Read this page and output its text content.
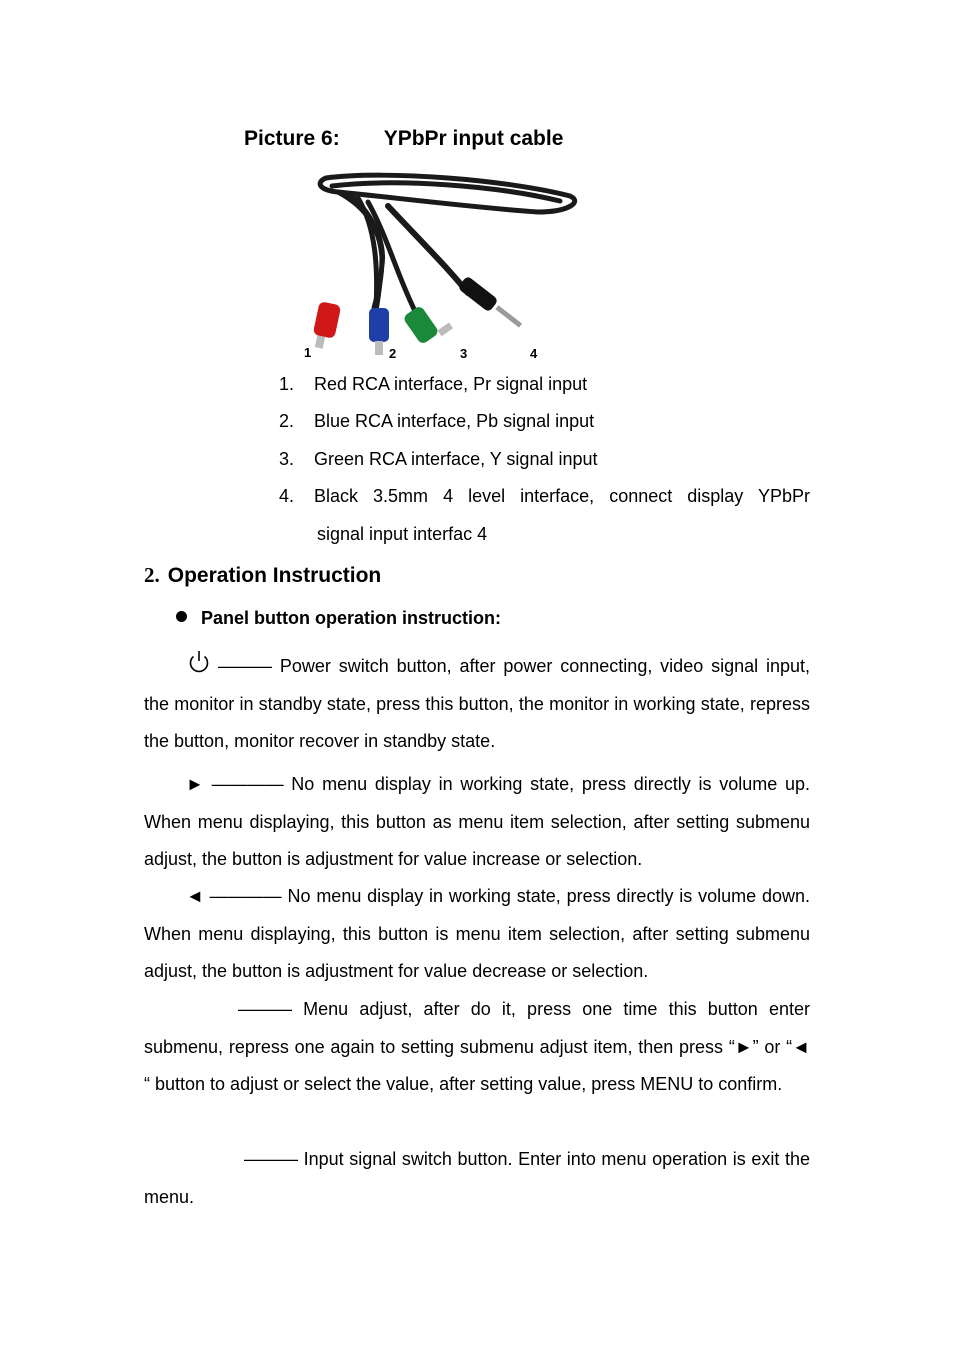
Picture 6: YPbPr input cable
1	2	3	4
1. Red RCA interface, Pr signal input
2. Blue RCA interface, Pb signal input
3. Green RCA interface, Y signal input
4. Black 3.5mm 4 level interface, connect display YPbPr
signal input interfac 4
2. Operation Instruction
Panel button operation instruction:
——— Power switch button, after power connecting, video signal input, the monitor in standby state, press this button, the monitor in working state, repress the button, monitor recover in standby state.
► ———— No menu display in working state, press directly is volume up. When menu displaying, this button as menu item selection, after setting submenu adjust, the button is adjustment for value increase or selection.
◄ ———— No menu display in working state, press directly is volume down. When menu displaying, this button is menu item selection, after setting submenu adjust, the button is adjustment for value decrease or selection.
——— Menu adjust, after do it, press one time this button enter submenu, repress one again to setting submenu adjust item, then press “►” or “◄ “ button to adjust or select the value, after setting value, press MENU to confirm.
——— Input signal switch button. Enter into menu operation is exit the menu.
